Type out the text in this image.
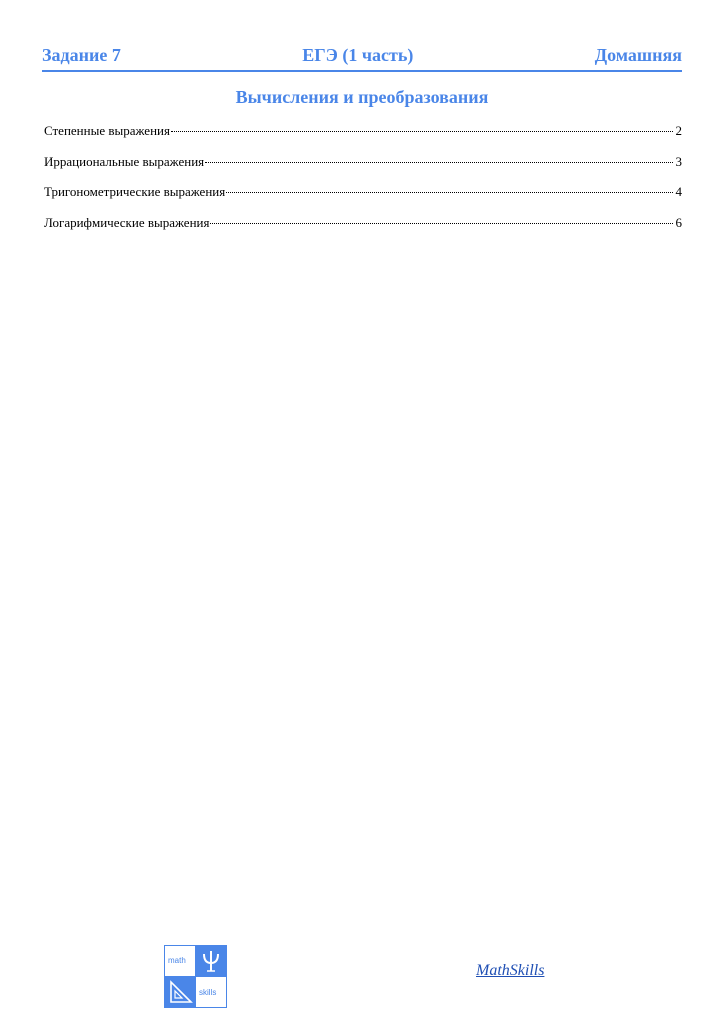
Задание 7	ЕГЭ (1 часть)	Домашняя
Вычисления и преобразования
Степенные выражения	2
Иррациональные выражения	3
Тригонометрические выражения	4
Логарифмические выражения	6
math
skills
MathSkills
